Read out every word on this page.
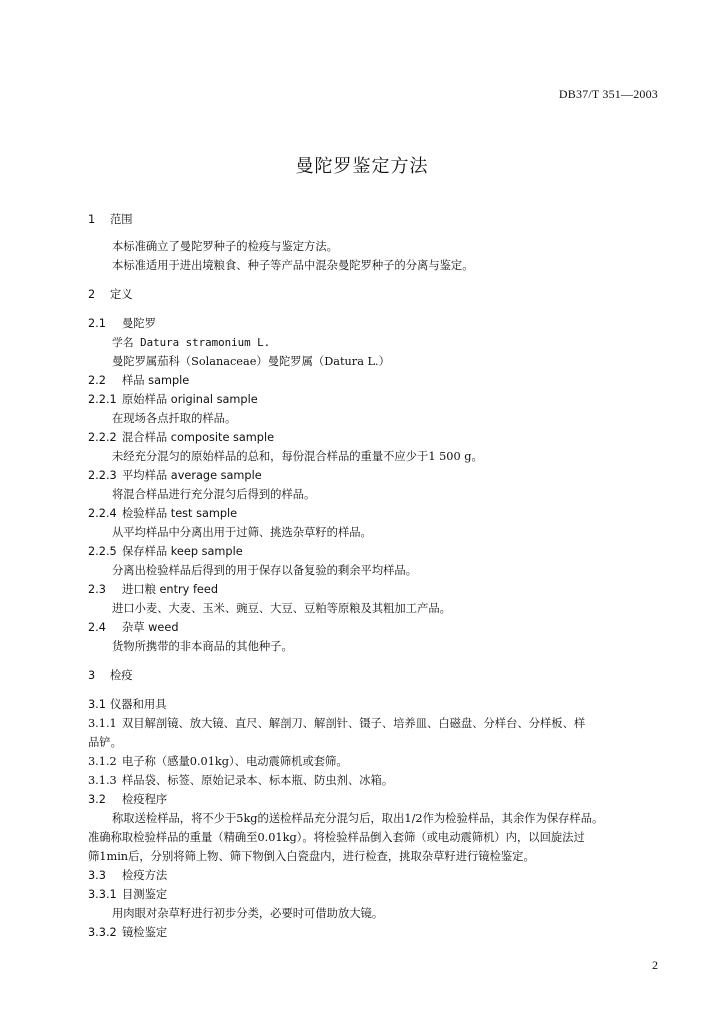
DB37/T 351—2003
曼陀罗鉴定方法
1 范围
本标准确立了曼陀罗种子的检疫与鉴定方法。
本标准适用于进出境粮食、种子等产品中混杂曼陀罗种子的分离与鉴定。
2 定义
2.1 曼陀罗
学名 Datura stramonium L.
曼陀罗属茄科（Solanaceae）曼陀罗属（Datura L.）
2.2 样品 sample
2.2.1 原始样品 original sample
在现场各点扦取的样品。
2.2.2 混合样品 composite sample
未经充分混匀的原始样品的总和，每份混合样品的重量不应少于1 500 g。
2.2.3 平均样品 average sample
将混合样品进行充分混匀后得到的样品。
2.2.4 检验样品 test sample
从平均样品中分离出用于过筛、挑选杂草籽的样品。
2.2.5 保存样品 keep sample
分离出检验样品后得到的用于保存以备复验的剩余平均样品。
2.3 进口粮 entry feed
进口小麦、大麦、玉米、豌豆、大豆、豆粕等原粮及其粗加工产品。
2.4 杂草 weed
货物所携带的非本商品的其他种子。
3 检疫
3.1 仪器和用具
3.1.1 双目解剖镜、放大镜、直尺、解剖刀、解剖针、镊子、培养皿、白磁盘、分样台、分样板、样
品铲。
3.1.2 电子称（感量0.01kg）、电动震筛机或套筛。
3.1.3 样品袋、标签、原始记录本、标本瓶、防虫剂、冰箱。
3.2 检疫程序
称取送检样品，将不少于5kg的送检样品充分混匀后，取出1/2作为检验样品，其余作为保存样品。
准确称取检验样品的重量（精确至0.01kg）。将检验样品倒入套筛（或电动震筛机）内，以回旋法过
筛1min后，分别将筛上物、筛下物倒入白瓷盘内，进行检查，挑取杂草籽进行镜检鉴定。
3.3 检疫方法
3.3.1 目测鉴定
用肉眼对杂草籽进行初步分类，必要时可借助放大镜。
3.3.2 镜检鉴定
2
